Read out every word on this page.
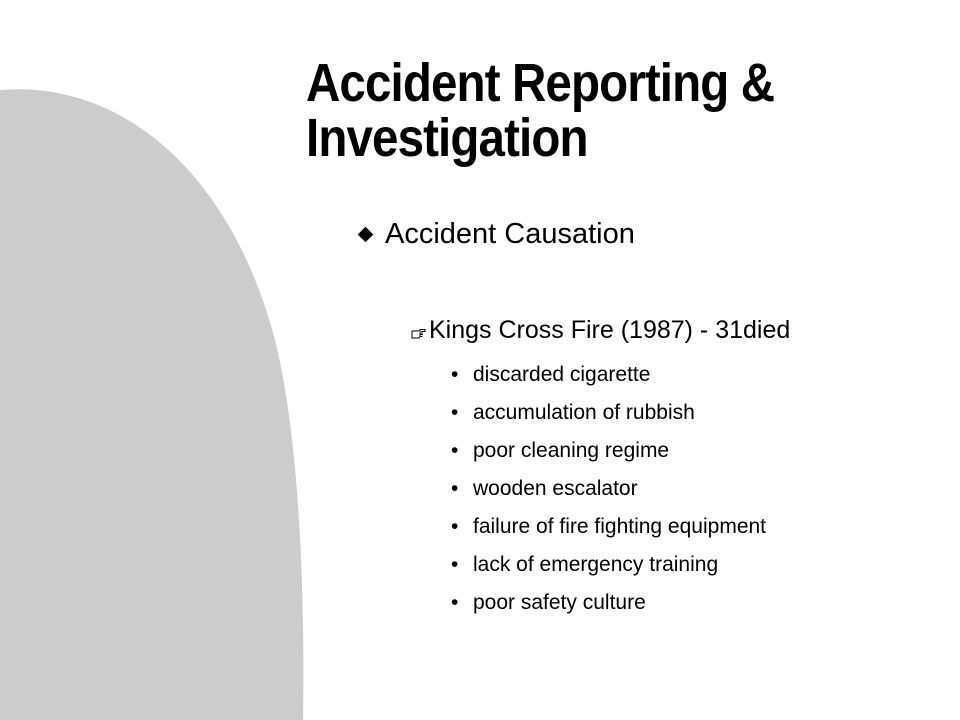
Accident Reporting &
Investigation
Accident Causation
Kings Cross Fire (1987) - 31died
• discarded cigarette
• accumulation of rubbish
• poor cleaning regime
• wooden escalator
• failure of fire fighting equipment
• lack of emergency training
• poor safety culture
